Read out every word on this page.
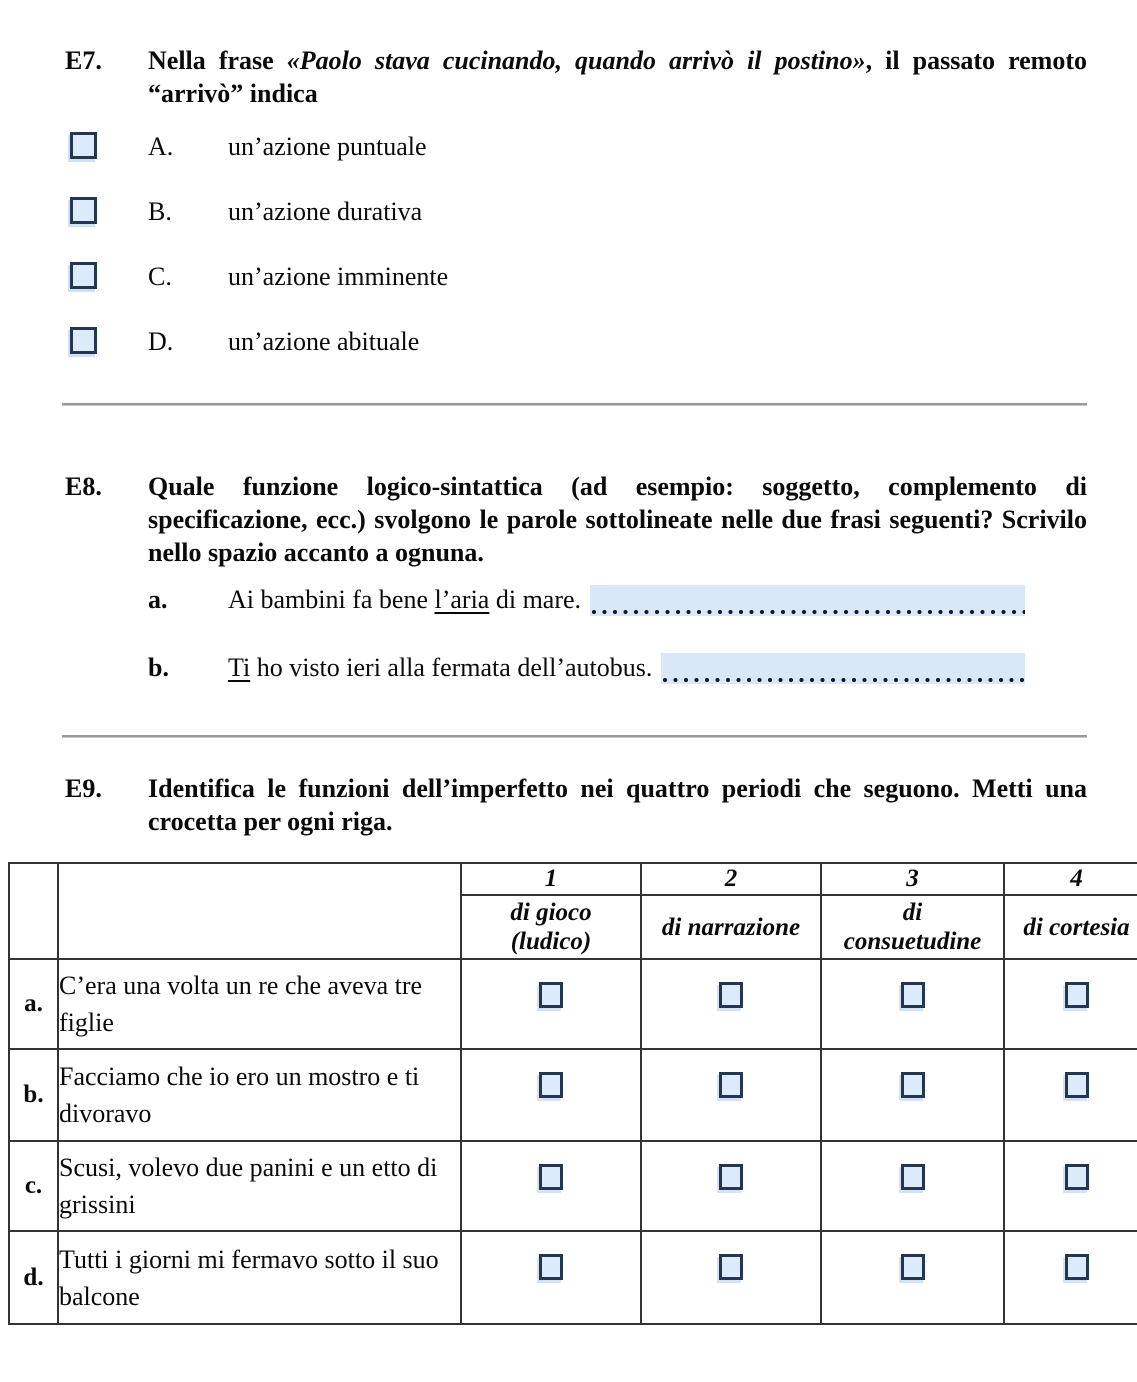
E7.	Nella frase «Paolo stava cucinando, quando arrivò il postino», il passato remoto “arrivò” indica

A.	un’azione puntuale
B.	un’azione durativa
C.	un’azione imminente
D.	un’azione abituale
E8.	Quale funzione logico-sintattica (ad esempio: soggetto, complemento di specificazione, ecc.) svolgono le parole sottolineate nelle due frasi seguenti? Scrivilo nello spazio accanto a ognuna.

a.	Ai bambini fa bene l’aria di mare.
b.	Ti ho visto ieri alla fermata dell’autobus.
E9.	Identifica le funzioni dell’imperfetto nei quattro periodi che seguono. Metti una crocetta per ogni riga.

		1	2	3	4
		di gioco (ludico)	di narrazione	di consuetudine	di cortesia
a.	C’era una volta un re che aveva tre figlie	

b.	Facciamo che io ero un mostro e ti divoravo	

c.	Scusi, volevo due panini e un etto di grissini	

d.	Tutti i giorni mi fermavo sotto il suo balcone	
